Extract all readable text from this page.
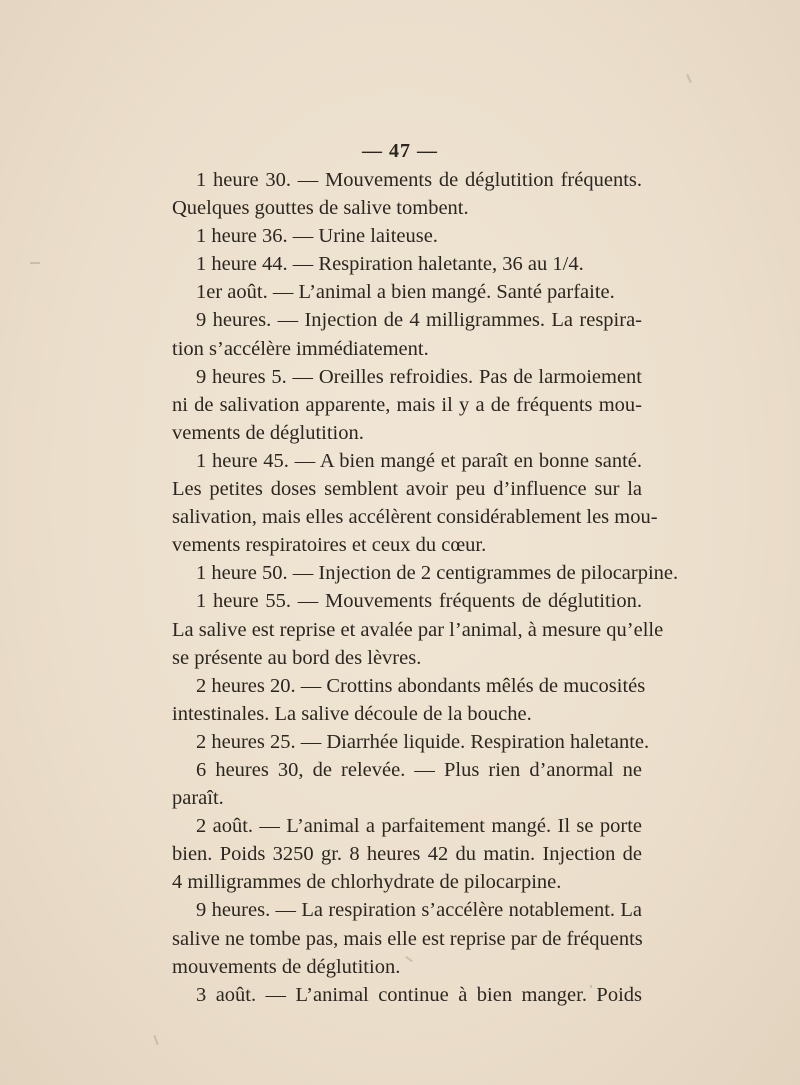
— 47 —
1 heure 30. — Mouvements de déglutition fréquents.
Quelques gouttes de salive tombent.
1 heure 36. — Urine laiteuse.
1 heure 44. — Respiration haletante, 36 au 1/4.
1er août. — L’animal a bien mangé. Santé parfaite.
9 heures. — Injection de 4 milligrammes. La respira-
tion s’accélère immédiatement.
9 heures 5. — Oreilles refroidies. Pas de larmoiement
ni de salivation apparente, mais il y a de fréquents mou-
vements de déglutition.
1 heure 45. — A bien mangé et paraît en bonne santé.
Les petites doses semblent avoir peu d’influence sur la
salivation, mais elles accélèrent considérablement les mou-
vements respiratoires et ceux du cœur.
1 heure 50. — Injection de 2 centigrammes de pilocarpine.
1 heure 55. — Mouvements fréquents de déglutition.
La salive est reprise et avalée par l’animal, à mesure qu’elle
se présente au bord des lèvres.
2 heures 20. — Crottins abondants mêlés de mucosités
intestinales. La salive découle de la bouche.
2 heures 25. — Diarrhée liquide. Respiration haletante.
6 heures 30, de relevée. — Plus rien d’anormal ne
paraît.
2 août. — L’animal a parfaitement mangé. Il se porte
bien. Poids 3250 gr. 8 heures 42 du matin. Injection de
4 milligrammes de chlorhydrate de pilocarpine.
9 heures. — La respiration s’accélère notablement. La
salive ne tombe pas, mais elle est reprise par de fréquents
mouvements de déglutition.
3 août. — L’animal continue à bien manger. Poids
